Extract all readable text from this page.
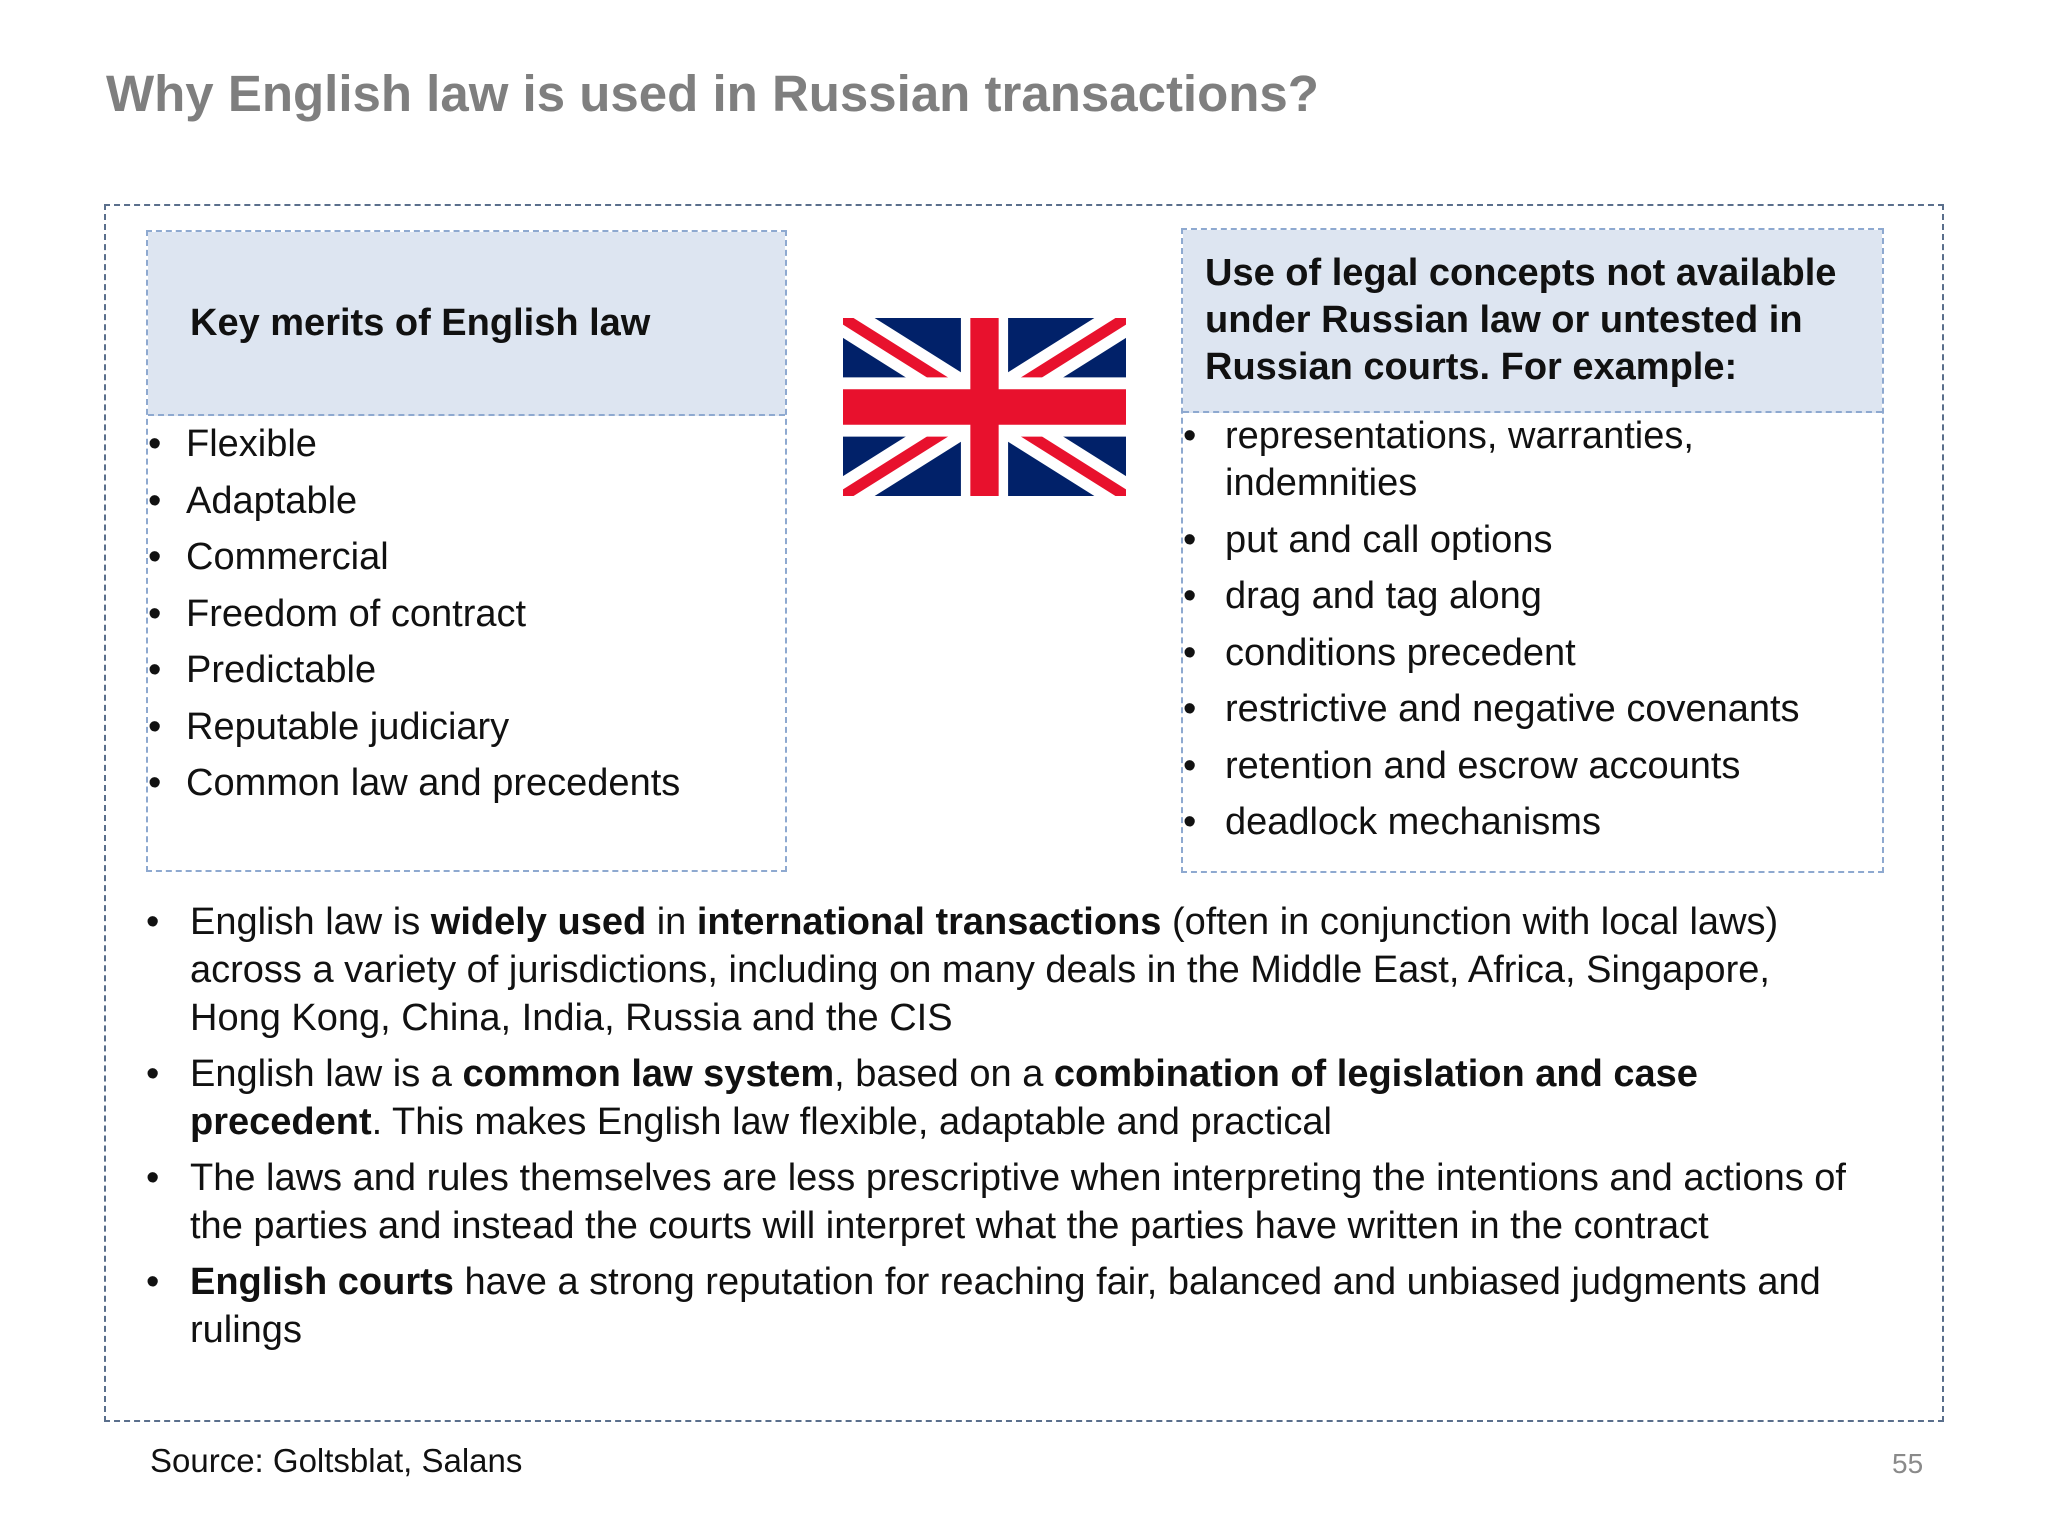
Why English law is used in Russian transactions?
Key merits of English law
• Flexible
• Adaptable
• Commercial
• Freedom of contract
• Predictable
• Reputable judiciary
• Common law and precedents
Use of legal concepts not available under Russian law or untested in Russian courts. For example:
• representations, warranties, indemnities
• put and call options
• drag and tag along
• conditions precedent
• restrictive and negative covenants
• retention and escrow accounts
• deadlock mechanisms
• English law is widely used in international transactions (often in conjunction with local laws) across a variety of jurisdictions, including on many deals in the Middle East, Africa, Singapore, Hong Kong, China, India, Russia and the CIS
• English law is a common law system, based on a combination of legislation and case precedent. This makes English law flexible, adaptable and practical
• The laws and rules themselves are less prescriptive when interpreting the intentions and actions of the parties and instead the courts will interpret what the parties have written in the contract
• English courts have a strong reputation for reaching fair, balanced and unbiased judgments and rulings
Source: Goltsblat, Salans	55
